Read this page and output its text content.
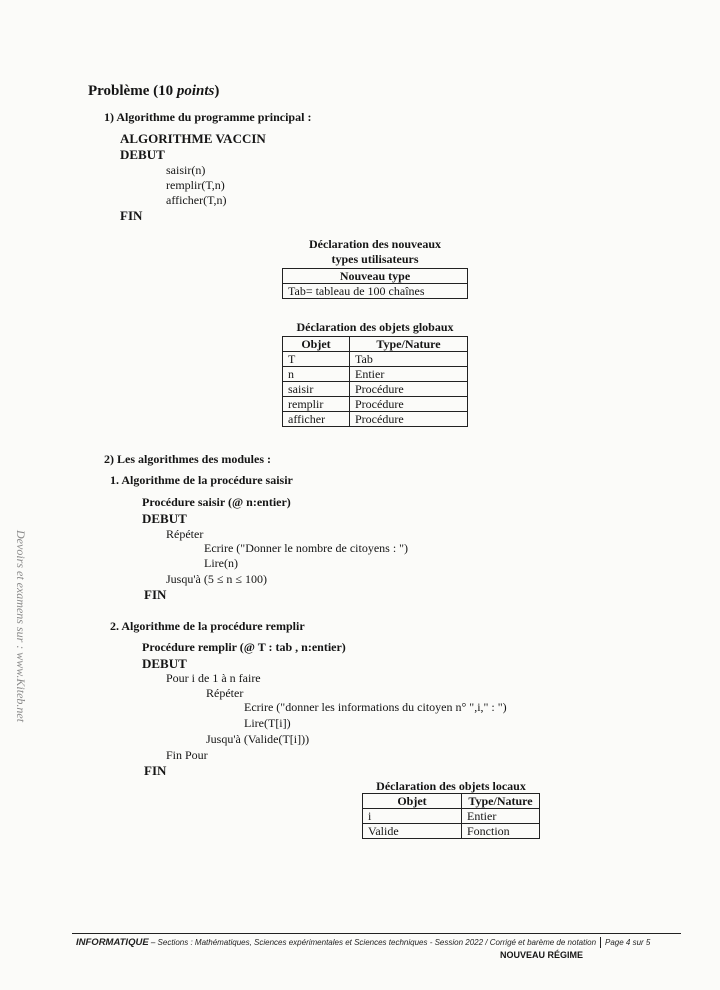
Problème (10 points)
1) Algorithme du programme principal :
ALGORITHME VACCIN
DEBUT
saisir(n)
remplir(T,n)
afficher(T,n)
FIN
Déclaration des nouveaux
types utilisateurs
Nouveau type
Tab= tableau de 100 chaînes
Déclaration des objets globaux
Objet	Type/Nature
T	Tab
n	Entier
saisir	Procédure
remplir	Procédure
afficher	Procédure
2) Les algorithmes des modules :
1. Algorithme de la procédure saisir
Procédure saisir (@ n:entier)
DEBUT
Répéter
Ecrire ("Donner le nombre de citoyens : ")
Lire(n)
Jusqu'à (5 ≤ n ≤ 100)
FIN
2. Algorithme de la procédure remplir
Procédure remplir (@ T : tab , n:entier)
DEBUT
Pour i de 1 à n faire
Répéter
Ecrire ("donner les informations du citoyen n° ",i," : ")
Lire(T[i])
Jusqu'à (Valide(T[i]))
Fin Pour
FIN
Déclaration des objets locaux
Objet	Type/Nature
i	Entier
Valide	Fonction
Devoirs et examens sur : www.Kiteb.net
INFORMATIQUE – Sections : Mathématiques, Sciences expérimentales et Sciences techniques - Session 2022 / Corrigé et barème de notation Page 4 sur 5
NOUVEAU RÉGIME
